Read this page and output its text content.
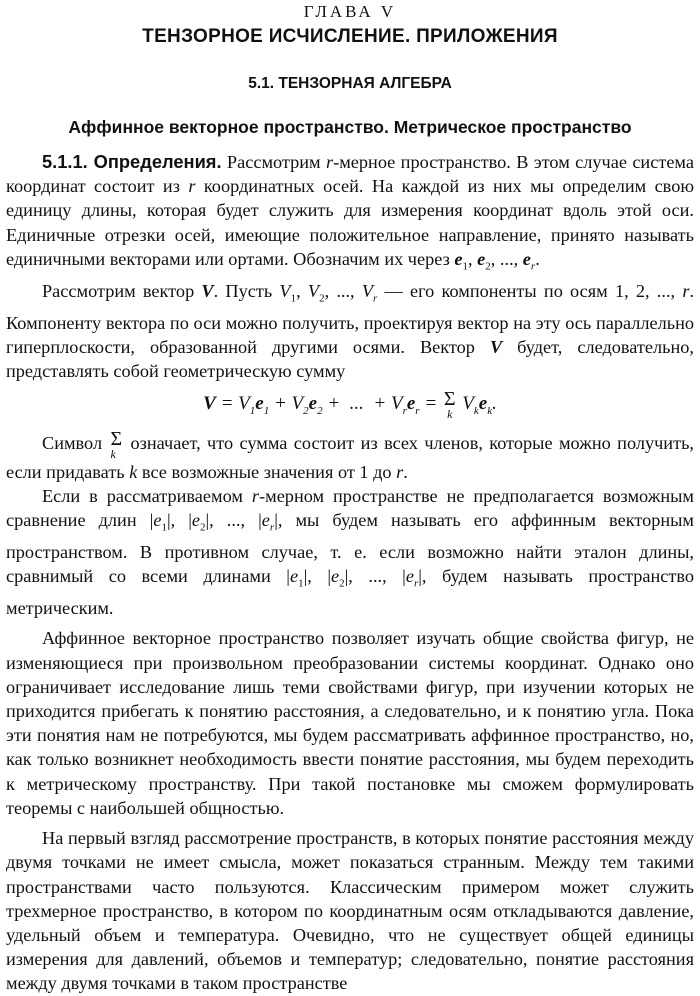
ГЛАВА V
ТЕНЗОРНОЕ ИСЧИСЛЕНИЕ. ПРИЛОЖЕНИЯ
5.1. ТЕНЗОРНАЯ АЛГЕБРА
Аффинное векторное пространство. Метрическое пространство

5.1.1. Определения. Рассмотрим r-мерное пространство. В этом случае система координат состоит из r координатных осей. На каждой из них мы определим свою единицу длины, которая будет служить для измерения координат вдоль этой оси. Единичные отрезки осей, имеющие положительное направление, принято называть единичными векторами или ортами. Обозначим их через $e_1$, $e_2$, ..., $e_r$.

Рассмотрим вектор V. Пусть $V_1$, $V_2$, ..., $V_r$ — его компоненты по осям 1, 2, ..., r. Компоненту вектора по оси можно получить, проектируя вектор на эту ось параллельно гиперплоскости, образованной другими осями. Вектор V будет, следовательно, представлять собой геометрическую сумму

$V = V_1e_1 + V_2e_2$ +  ...  + $V_re_r = \Sigma$
k $V_ke_k$.

Символ Σ
k
означает, что сумма состоит из всех членов, которые можно получить, если придавать k все возможные значения от 1 до r.

Если в рассматриваемом r-мерном пространстве не предполагается возможным сравнение длин $|e_1|$, $|e_2|$, ..., $|e_r|$, мы будем называть его аффинным векторным пространством. В противном случае, т. е. если возможно найти эталон длины, сравнимый со всеми длинами $|e_1|$, $|e_2|$, ..., $|e_r|$, будем называть пространство метрическим.

Аффинное векторное пространство позволяет изучать общие свойства фигур, не изменяющиеся при произвольном преобразовании системы координат. Однако оно ограничивает исследование лишь теми свойствами фигур, при изучении которых не приходится прибегать к понятию расстояния, а следовательно, и к понятию угла. Пока эти понятия нам не потребуются, мы будем рассматривать аффинное пространство, но, как только возникнет необходимость ввести понятие расстояния, мы будем переходить к метрическому пространству. При такой постановке мы сможем формулировать теоремы с наибольшей общностью.

На первый взгляд рассмотрение пространств, в которых понятие расстояния между двумя точками не имеет смысла, может показаться странным. Между тем такими пространствами часто пользуются. Классическим примером может служить трехмерное пространство, в котором по координатным осям откладываются давление, удельный объем и температура. Очевидно, что не существует общей единицы измерения для давлений, объемов и температур; следовательно, понятие расстояния между двумя точками в таком пространстве
